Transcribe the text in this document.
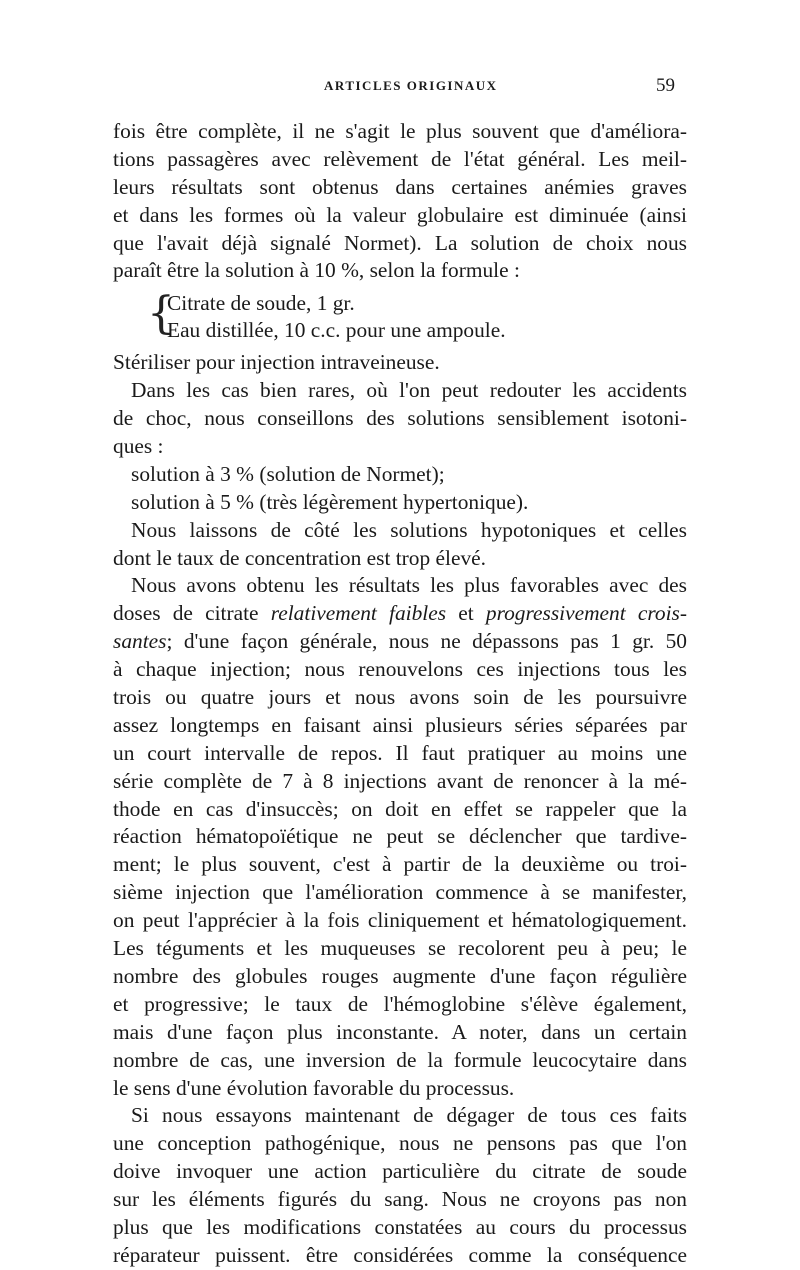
ARTICLES ORIGINAUX	59
fois être complète, il ne s'agit le plus souvent que d'améliora-
tions passagères avec relèvement de l'état général. Les meil-
leurs résultats sont obtenus dans certaines anémies graves
et dans les formes où la valeur globulaire est diminuée (ainsi
que l'avait déjà signalé Normet). La solution de choix nous
paraît être la solution à 10 %, selon la formule :
{
Citrate de soude, 1 gr.
Eau distillée, 10 c.c. pour une ampoule.
Stériliser pour injection intraveineuse.
Dans les cas bien rares, où l'on peut redouter les accidents
de choc, nous conseillons des solutions sensiblement isotoni-
ques :
solution à 3 % (solution de Normet);
solution à 5 % (très légèrement hypertonique).
Nous laissons de côté les solutions hypotoniques et celles
dont le taux de concentration est trop élevé.
Nous avons obtenu les résultats les plus favorables avec des
doses de citrate relativement faibles et progressivement crois-
santes; d'une façon générale, nous ne dépassons pas 1 gr. 50
à chaque injection; nous renouvelons ces injections tous les
trois ou quatre jours et nous avons soin de les poursuivre
assez longtemps en faisant ainsi plusieurs séries séparées par
un court intervalle de repos. Il faut pratiquer au moins une
série complète de 7 à 8 injections avant de renoncer à la mé-
thode en cas d'insuccès; on doit en effet se rappeler que la
réaction hématopoïétique ne peut se déclencher que tardive-
ment; le plus souvent, c'est à partir de la deuxième ou troi-
sième injection que l'amélioration commence à se manifester,
on peut l'apprécier à la fois cliniquement et hématologiquement.
Les téguments et les muqueuses se recolorent peu à peu; le
nombre des globules rouges augmente d'une façon régulière
et progressive; le taux de l'hémoglobine s'élève également,
mais d'une façon plus inconstante. A noter, dans un certain
nombre de cas, une inversion de la formule leucocytaire dans
le sens d'une évolution favorable du processus.
Si nous essayons maintenant de dégager de tous ces faits
une conception pathogénique, nous ne pensons pas que l'on
doive invoquer une action particulière du citrate de soude
sur les éléments figurés du sang. Nous ne croyons pas non
plus que les modifications constatées au cours du processus
réparateur puissent. être considérées comme la conséquence
